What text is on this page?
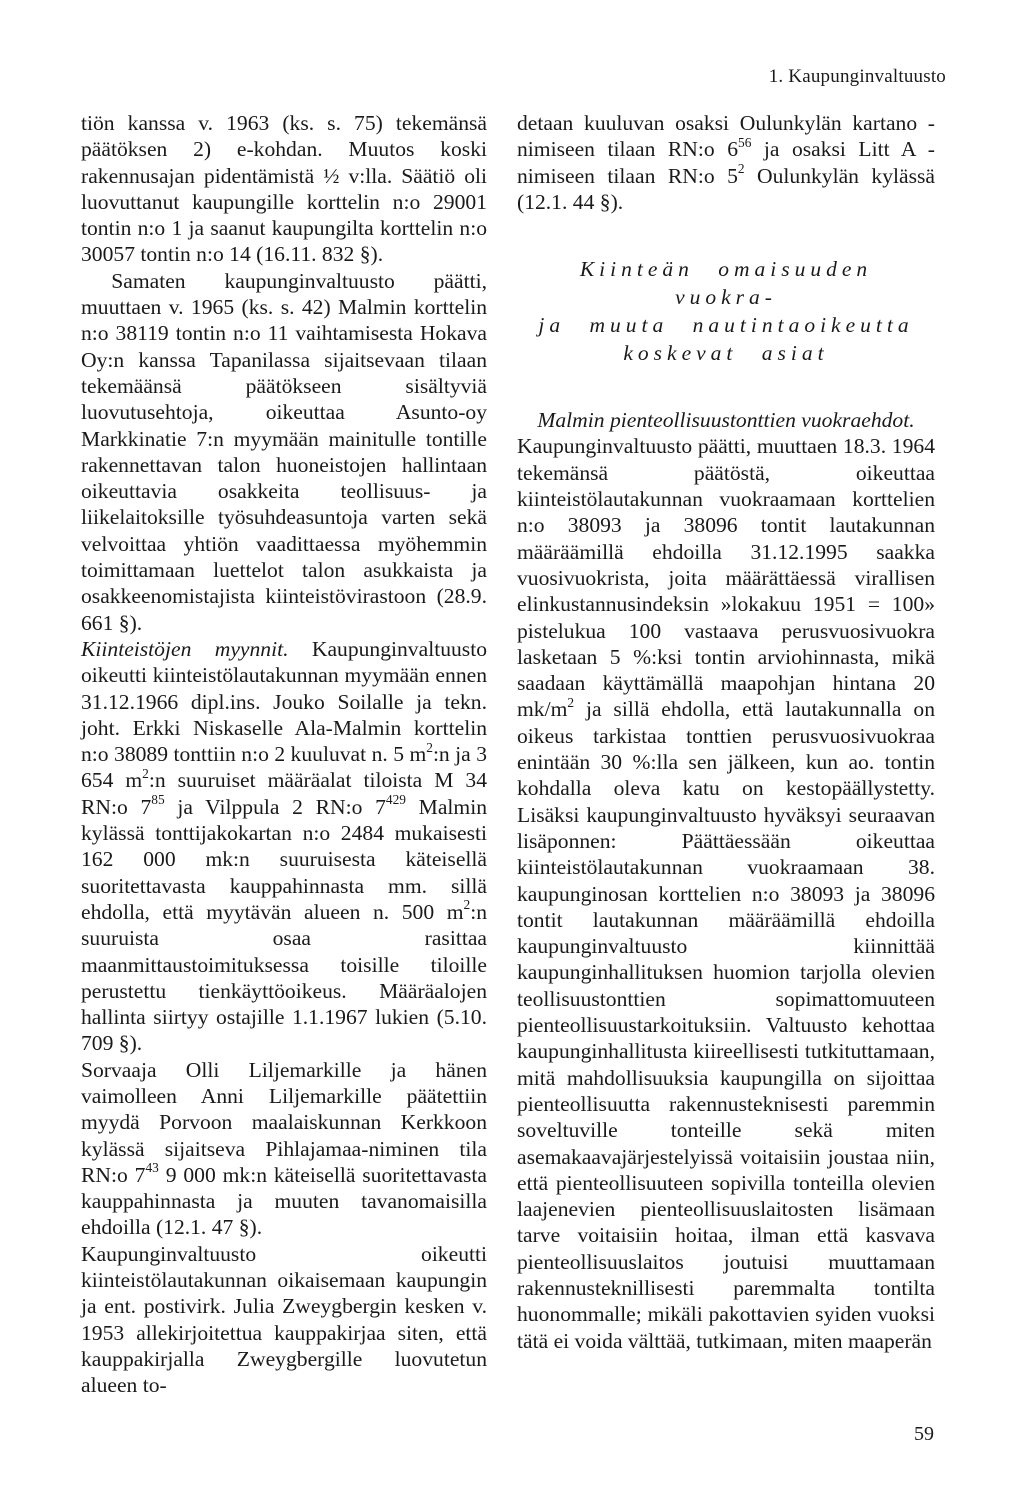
1. Kaupunginvaltuusto

tiön kanssa v. 1963 (ks. s. 75) tekemänsä päätöksen 2) e-kohdan. Muutos koski rakennusajan pidentämistä ½ v:lla. Säätiö oli luovuttanut kaupungille korttelin n:o 29001 tontin n:o 1 ja saanut kaupungilta korttelin n:o 30057 tontin n:o 14 (16.11. 832 §).

Samaten kaupunginvaltuusto päätti, muuttaen v. 1965 (ks. s. 42) Malmin korttelin n:o 38119 tontin n:o 11 vaihtamisesta Hokava Oy:n kanssa Tapanilassa sijaitsevaan tilaan tekemäänsä päätökseen sisältyviä luovutusehtoja, oikeuttaa Asunto-oy Markkinatie 7:n myymään mainitulle tontille rakennettavan talon huoneistojen hallintaan oikeuttavia osakkeita teollisuus- ja liikelaitoksille työsuhdeasuntoja varten sekä velvoittaa yhtiön vaadittaessa myöhemmin toimittamaan luettelot talon asukkaista ja osakkeenomistajista kiinteistövirastoon (28.9. 661 §).

Kiinteistöjen myynnit. Kaupunginvaltuusto oikeutti kiinteistölautakunnan myymään ennen 31.12.1966 dipl.ins. Jouko Soilalle ja tekn. joht. Erkki Niskaselle Ala-Malmin korttelin n:o 38089 tonttiin n:o 2 kuuluvat n. 5 $m^2:n$ ja 3 654 $m^2:n$ suuruiset määräalat tiloista M 34 RN:o $7^{85}$ ja Vilppula 2 RN:o $7^{429}$ Malmin kylässä tonttijakokartan n:o 2484 mukaisesti 162 000 mk:n suuruisesta käteisellä suoritettavasta kauppahinnasta mm. sillä ehdolla, että myytävän alueen n. 500 $m^2:n$ suuruista osaa rasittaa maanmittaustoimituksessa toisille tiloille perustettu tienkäyttöoikeus. Määräalojen hallinta siirtyy ostajille 1.1.1967 lukien (5.10. 709 §).

Sorvaaja Olli Liljemarkille ja hänen vaimolleen Anni Liljemarkille päätettiin myydä Porvoon maalaiskunnan Kerkkoon kylässä sijaitseva Pihlajamaa-niminen tila RN:o $7^{43}$ 9 000 mk:n käteisellä suoritettavasta kauppahinnasta ja muuten tavanomaisilla ehdoilla (12.1. 47 §).

Kaupunginvaltuusto oikeutti kiinteistölautakunnan oikaisemaan kaupungin ja ent. postivirk. Julia Zweygbergin kesken v. 1953 allekirjoitettua kauppakirjaa siten, että kauppakirjalla Zweygbergille luovutetun alueen to-

detaan kuuluvan osaksi Oulunkylän kartano -nimiseen tilaan RN:o $6^{56}$ ja osaksi Litt A -nimiseen tilaan RN:o $5^2$ Oulunkylän kylässä (12.1. 44 §).

Kiinteän omaisuuden vuokra-
ja muuta nautintaoikeutta
koskevat asiat
Malmin pienteollisuustonttien vuokraehdot.

Kaupunginvaltuusto päätti, muuttaen 18.3. 1964 tekemänsä päätöstä, oikeuttaa kiinteistölautakunnan vuokraamaan korttelien n:o 38093 ja 38096 tontit lautakunnan määräämillä ehdoilla 31.12.1995 saakka vuosivuokrista, joita määrättäessä virallisen elinkustannusindeksin »lokakuu 1951 = 100» pistelukua 100 vastaava perusvuosivuokra lasketaan 5 %:ksi tontin arviohinnasta, mikä saadaan käyttämällä maapohjan hintana 20 $mk/m^2$ ja sillä ehdolla, että lautakunnalla on oikeus tarkistaa tonttien perusvuosivuokraa enintään 30 %:lla sen jälkeen, kun ao. tontin kohdalla oleva katu on kestopäällystetty. Lisäksi kaupunginvaltuusto hyväksyi seuraavan lisäponnen: Päättäessään oikeuttaa kiinteistölautakunnan vuokraamaan 38. kaupunginosan korttelien n:o 38093 ja 38096 tontit lautakunnan määräämillä ehdoilla kaupunginvaltuusto kiinnittää kaupunginhallituksen huomion tarjolla olevien teollisuustonttien sopimattomuuteen pienteollisuustarkoituksiin. Valtuusto kehottaa kaupunginhallitusta kiireellisesti tutkituttamaan, mitä mahdollisuuksia kaupungilla on sijoittaa pienteollisuutta rakennusteknisesti paremmin soveltuville tonteille sekä miten asemakaavajärjestelyissä voitaisiin joustaa niin, että pienteollisuuteen sopivilla tonteilla olevien laajenevien pienteollisuuslaitosten lisämaan tarve voitaisiin hoitaa, ilman että kasvava pienteollisuuslaitos joutuisi muuttamaan rakennusteknillisesti paremmalta tontilta huonommalle; mikäli pakottavien syiden vuoksi tätä ei voida välttää, tutkimaan, miten maaperän

59
